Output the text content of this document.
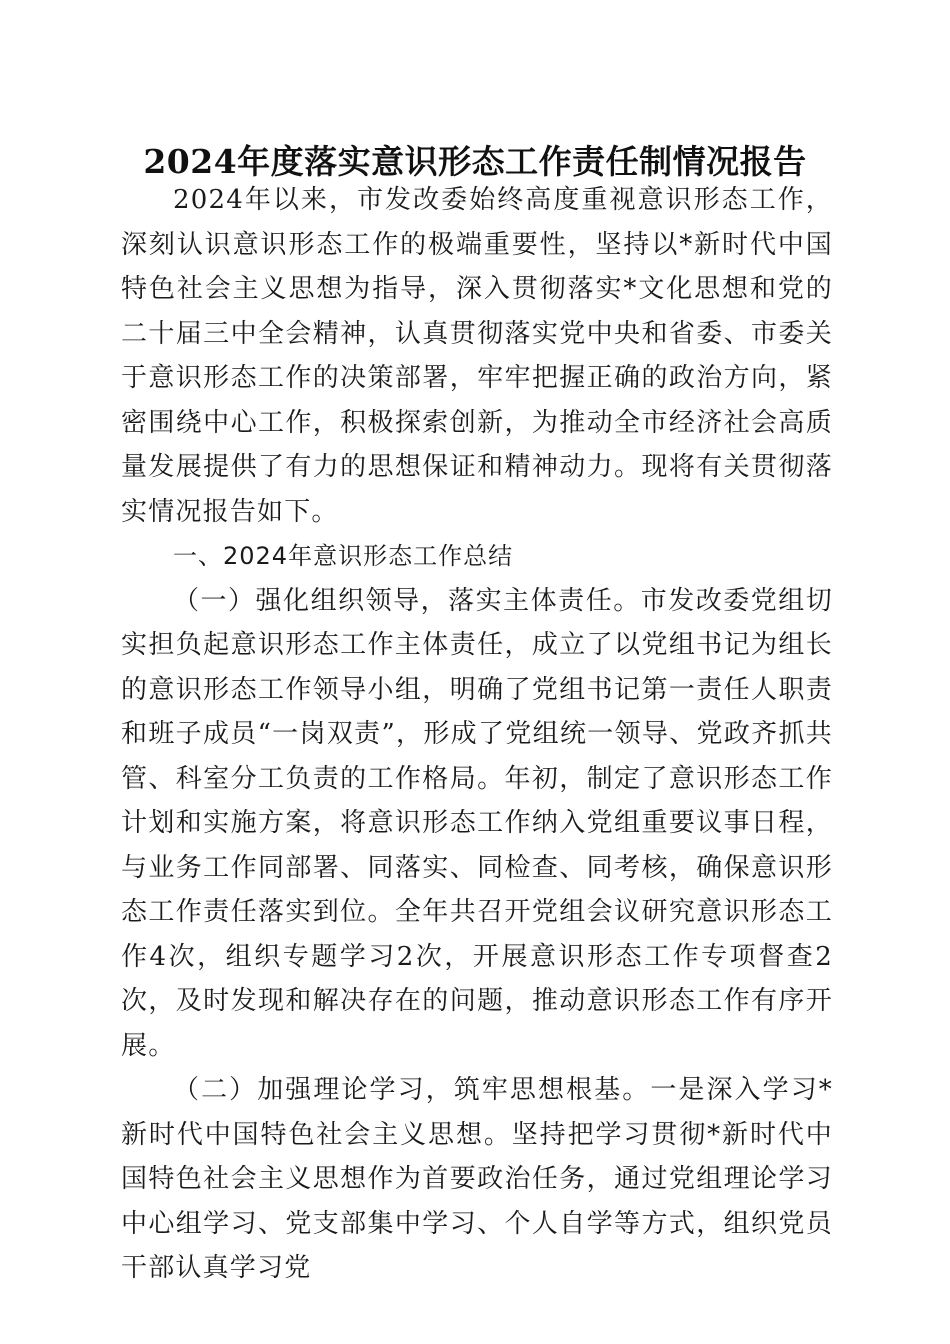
2024年度落实意识形态工作责任制情况报告

2024年以来，市发改委始终高度重视意识形态工作，深刻认识意识形态工作的极端重要性，坚持以*新时代中国特色社会主义思想为指导，深入贯彻落实*文化思想和党的二十届三中全会精神，认真贯彻落实党中央和省委、市委关于意识形态工作的决策部署，牢牢把握正确的政治方向，紧密围绕中心工作，积极探索创新，为推动全市经济社会高质量发展提供了有力的思想保证和精神动力。现将有关贯彻落实情况报告如下。

一、2024年意识形态工作总结

（一）强化组织领导，落实主体责任。市发改委党组切实担负起意识形态工作主体责任，成立了以党组书记为组长的意识形态工作领导小组，明确了党组书记第一责任人职责和班子成员“一岗双责”，形成了党组统一领导、党政齐抓共管、科室分工负责的工作格局。年初，制定了意识形态工作计划和实施方案，将意识形态工作纳入党组重要议事日程，与业务工作同部署、同落实、同检查、同考核，确保意识形态工作责任落实到位。全年共召开党组会议研究意识形态工作4次，组织专题学习2次，开展意识形态工作专项督查2次，及时发现和解决存在的问题，推动意识形态工作有序开展。

（二）加强理论学习，筑牢思想根基。一是深入学习*新时代中国特色社会主义思想。坚持把学习贯彻*新时代中国特色社会主义思想作为首要政治任务，通过党组理论学习中心组学习、党支部集中学习、个人自学等方式，组织党员干部认真学习党
